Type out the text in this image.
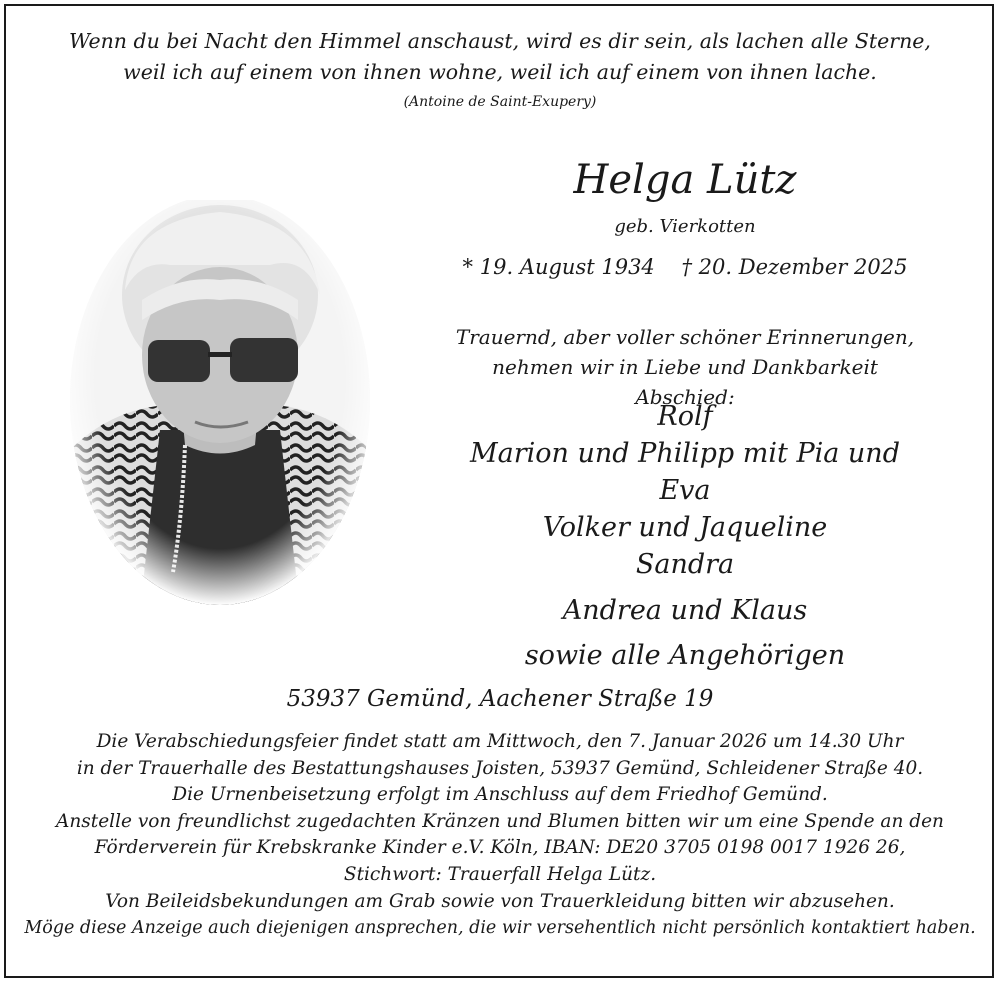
Wenn du bei Nacht den Himmel anschaust, wird es dir sein, als lachen alle Sterne,
weil ich auf einem von ihnen wohne, weil ich auf einem von ihnen lache.
(Antoine de Saint-Exupery)
Helga Lütz
geb. Vierkotten
* 19. August 1934    † 20. Dezember 2025
Trauernd, aber voller schöner Erinnerungen,
nehmen wir in Liebe und Dankbarkeit Abschied:
Rolf
Marion und Philipp mit Pia und Eva
Volker und Jaqueline
Sandra
Andrea und Klaus
sowie alle Angehörigen
53937 Gemünd, Aachener Straße 19
Die Verabschiedungsfeier findet statt am Mittwoch, den 7. Januar 2026 um 14.30 Uhr
in der Trauerhalle des Bestattungshauses Joisten, 53937 Gemünd, Schleidener Straße 40.
Die Urnenbeisetzung erfolgt im Anschluss auf dem Friedhof Gemünd.
Anstelle von freundlichst zugedachten Kränzen und Blumen bitten wir um eine Spende an den
Förderverein für Krebskranke Kinder e.V. Köln, IBAN: DE20 3705 0198 0017 1926 26,
Stichwort: Trauerfall Helga Lütz.
Von Beileidsbekundungen am Grab sowie von Trauerkleidung bitten wir abzusehen.
Möge diese Anzeige auch diejenigen ansprechen, die wir versehentlich nicht persönlich kontaktiert haben.
